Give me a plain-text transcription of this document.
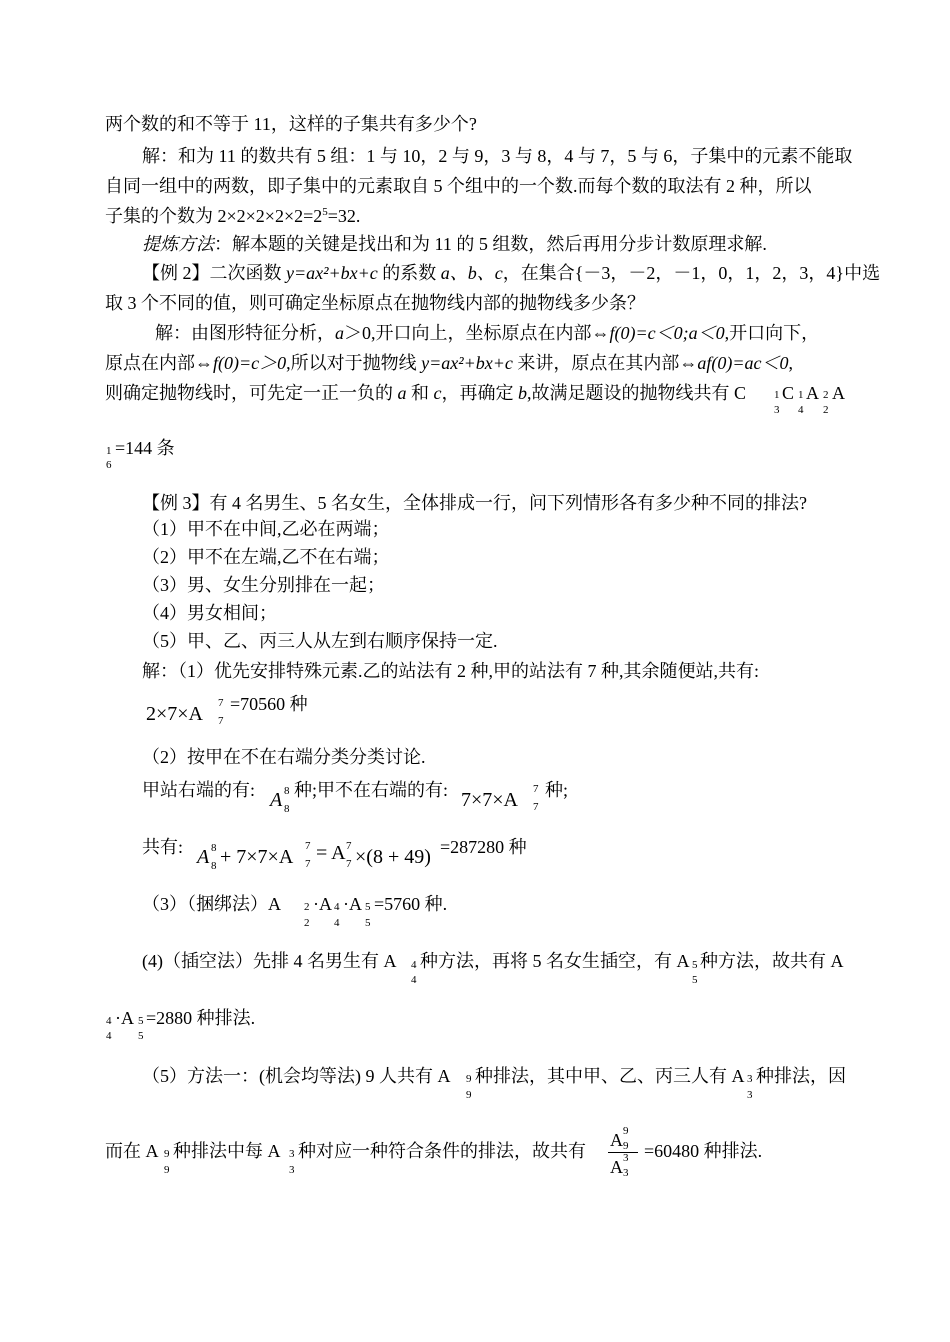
两个数的和不等于 11，这样的子集共有多少个?
解：和为 11 的数共有 5 组：1 与 10，2 与 9，3 与 8，4 与 7，5 与 6，子集中的元素不能取
自同一组中的两数，即子集中的元素取自 5 个组中的一个数.而每个数的取法有 2 种，所以
子集的个数为 $2\times 2\times 2\times 2\times 2=2^5=32$.
提炼方法：解本题的关键是找出和为 11 的 5 组数，然后再用分步计数原理求解.
【例 2】二次函数 y=ax²+bx+c 的系数 a、b、c，在集合{－3，－2，－1，0，1，2，3，4}中选
取 3 个不同的值，则可确定坐标原点在抛物线内部的抛物线多少条？
解：由图形特征分析，a＞0,开口向上，坐标原点在内部⇔f(0)=c＜0;a＜0,开口向下，
原点在内部⇔f(0)=c＞0,所以对于抛物线 y=ax²+bx+c 来讲，原点在其内部⇔af(0)=ac＜0,
则确定抛物线时，可先定一正一负的 a 和 c，再确定 b,故满足题设的抛物线共有 C	1
3
C 1
4
A 2
2
A
1
6
=144 条
【例 3】有 4 名男生、5 名女生，全体排成一行，问下列情形各有多少种不同的排法?
（1）甲不在中间,乙必在两端；
（2）甲不在左端,乙不在右端；
（3）男、女生分别排在一起；
（4）男女相间；
（5）甲、乙、丙三人从左到右顺序保持一定.
解：（1）优先安排特殊元素.乙的站法有 2 种,甲的站法有 7 种,其余随便站,共有:
2×7×A 7
7
=70560 种
（2）按甲在不在右端分类分类讨论.
甲站右端的有: A 8
8
种;甲不在右端的有: 7×7×A 7
7
种;
共有: A 8
8 + 7×7×A 7
7 = A 7
7 ×(8 + 49) =287280 种
（3）（捆绑法）A 2
2
·A 4
4
·A 5
5
=5760 种.
(4)（插空法）先排 4 名男生有 A 4
4
种方法，再将 5 名女生插空，有 A 5
5
种方法，故共有 A
4
4
·A 5
5
=2880 种排法.
（5）方法一：(机会均等法) 9 人共有 A 9
9
种排法，其中甲、乙、丙三人有 A 3
3
种排法，因
而在 A 9
9
种排法中每 A 3
3
种对应一种符合条件的排法，故共有
A 9
9
A 3
3
=60480 种排法.
